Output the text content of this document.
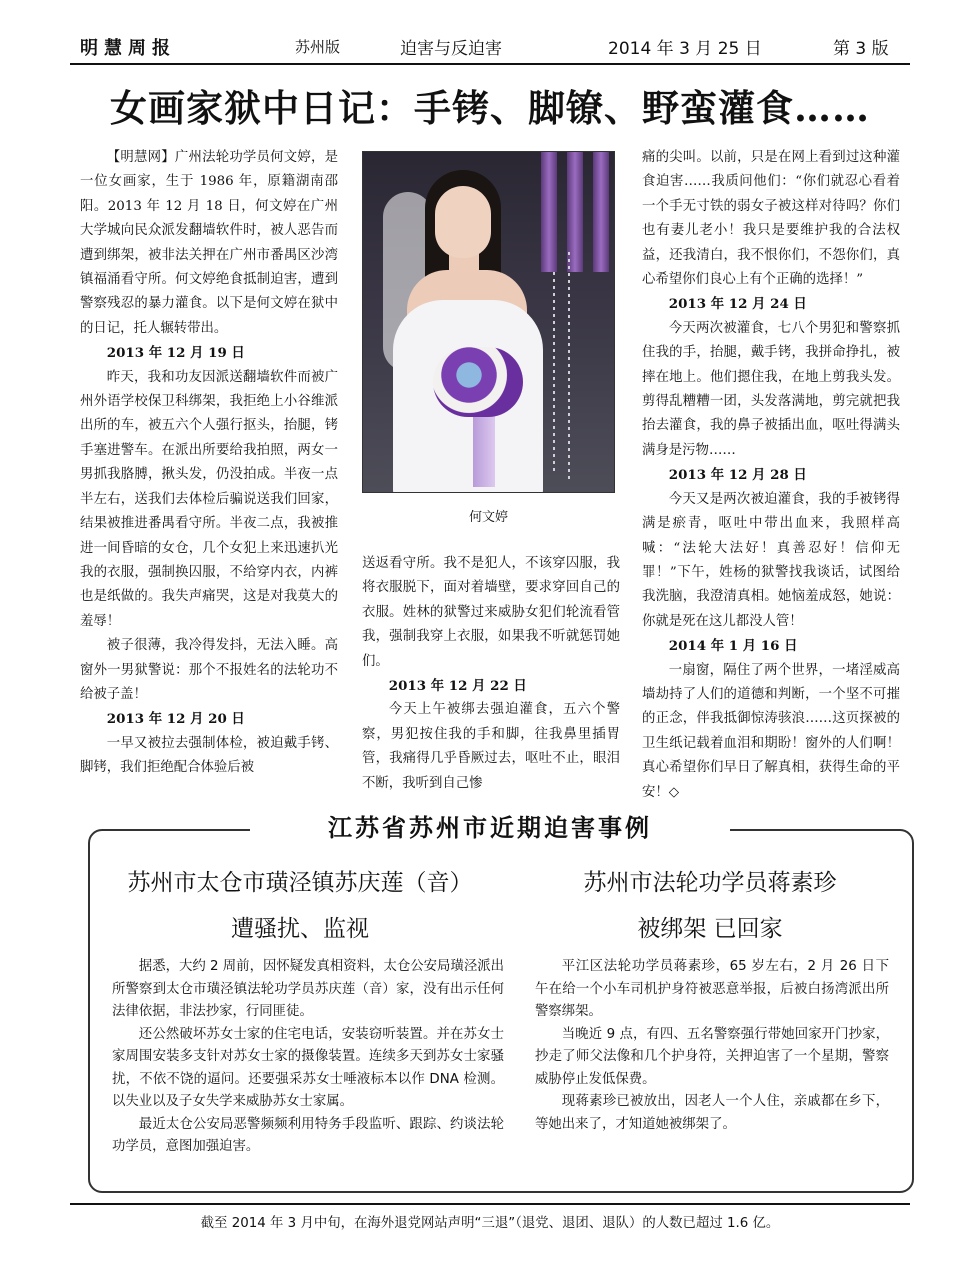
明慧周报	苏州版	迫害与反迫害	2014 年 3 月 25 日	第 3 版
女画家狱中日记：手铐、脚镣、野蛮灌食……

【明慧网】广州法轮功学员何文婷，是一位女画家，生于 1986 年，原籍湖南邵阳。2013 年 12 月 18 日，何文婷在广州大学城向民众派发翻墙软件时，被人恶告而遭到绑架，被非法关押在广州市番禺区沙湾镇福涌看守所。何文婷绝食抵制迫害，遭到警察残忍的暴力灌食。以下是何文婷在狱中的日记，托人辗转带出。

2013 年 12 月 19 日

昨天，我和功友因派送翻墙软件而被广州外语学校保卫科绑架，我拒绝上小谷维派出所的车，被五六个人强行抠头，抬腿，铐手塞进警车。在派出所要给我拍照，两女一男抓我胳膊，揪头发，仍没拍成。半夜一点半左右，送我们去体检后骗说送我们回家，结果被推进番禺看守所。半夜二点，我被推进一间昏暗的女仓，几个女犯上来迅速扒光我的衣服，强制换囚服，不给穿内衣，内裤也是纸做的。我失声痛哭，这是对我莫大的羞辱！

被子很薄，我冷得发抖，无法入睡。高窗外一男狱警说：那个不报姓名的法轮功不给被子盖！

2013 年 12 月 20 日

一早又被拉去强制体检，被迫戴手铐、脚铐，我们拒绝配合体验后被

何文婷

送返看守所。我不是犯人，不该穿囚服，我将衣服脱下，面对着墙壁，要求穿回自己的衣服。姓林的狱警过来威胁女犯们轮流看管我，强制我穿上衣服，如果我不听就惩罚她们。

2013 年 12 月 22 日

今天上午被绑去强迫灌食，五六个警察，男犯按住我的手和脚，往我鼻里插胃管，我痛得几乎昏厥过去，呕吐不止，眼泪不断，我听到自己惨

痛的尖叫。以前，只是在网上看到过这种灌食迫害……我质问他们：“你们就忍心看着一个手无寸铁的弱女子被这样对待吗？你们也有妻儿老小！我只是要维护我的合法权益，还我清白，我不恨你们，不怨你们，真心希望你们良心上有个正确的选择！”

2013 年 12 月 24 日

今天两次被灌食，七八个男犯和警察抓住我的手，抬腿，戴手铐，我拼命挣扎，被摔在地上。他们摁住我，在地上剪我头发。剪得乱糟糟一团，头发落满地，剪完就把我抬去灌食，我的鼻子被插出血，呕吐得满头满身是污物……

2013 年 12 月 28 日

今天又是两次被迫灌食，我的手被铐得满是瘀青，呕吐中带出血来，我照样高喊：“法轮大法好！真善忍好！信仰无罪！”下午，姓杨的狱警找我谈话，试图给我洗脑，我澄清真相。她恼羞成怒，她说：你就是死在这儿都没人管！

2014 年 1 月 16 日

一扇窗，隔住了两个世界，一堵淫威高墙劫持了人们的道德和判断，一个坚不可摧的正念，伴我抵御惊涛骇浪……这页探被的卫生纸记载着血泪和期盼！窗外的人们啊！真心希望你们早日了解真相，获得生命的平安！◇

江苏省苏州市近期迫害事例
苏州市太仓市璜泾镇苏庆莲（音）
遭骚扰、监视
苏州市法轮功学员蒋素珍
被绑架 已回家

据悉，大约 2 周前，因怀疑发真相资料，太仓公安局璜泾派出所警察到太仓市璜泾镇法轮功学员苏庆莲（音）家，没有出示任何法律依据，非法抄家，行同匪徒。

还公然破坏苏女士家的住宅电话，安装窃听装置。并在苏女士家周围安装多支针对苏女士家的摄像装置。连续多天到苏女士家骚扰，不依不饶的逼问。还要强采苏女士唾液标本以作 DNA 检测。以失业以及子女失学来威胁苏女士家属。

最近太仓公安局恶警频频利用特务手段监听、跟踪、约谈法轮功学员，意图加强迫害。

平江区法轮功学员蒋素珍，65 岁左右，2 月 26 日下午在给一个小车司机护身符被恶意举报，后被白扬湾派出所警察绑架。

当晚近 9 点，有四、五名警察强行带她回家开门抄家，抄走了师父法像和几个护身符，关押迫害了一个星期，警察威胁停止发低保费。

现蒋素珍已被放出，因老人一个人住，亲戚都在乡下，等她出来了，才知道她被绑架了。

截至 2014 年 3 月中旬，在海外退党网站声明“三退”（退党、退团、退队）的人数已超过 1.6 亿。
